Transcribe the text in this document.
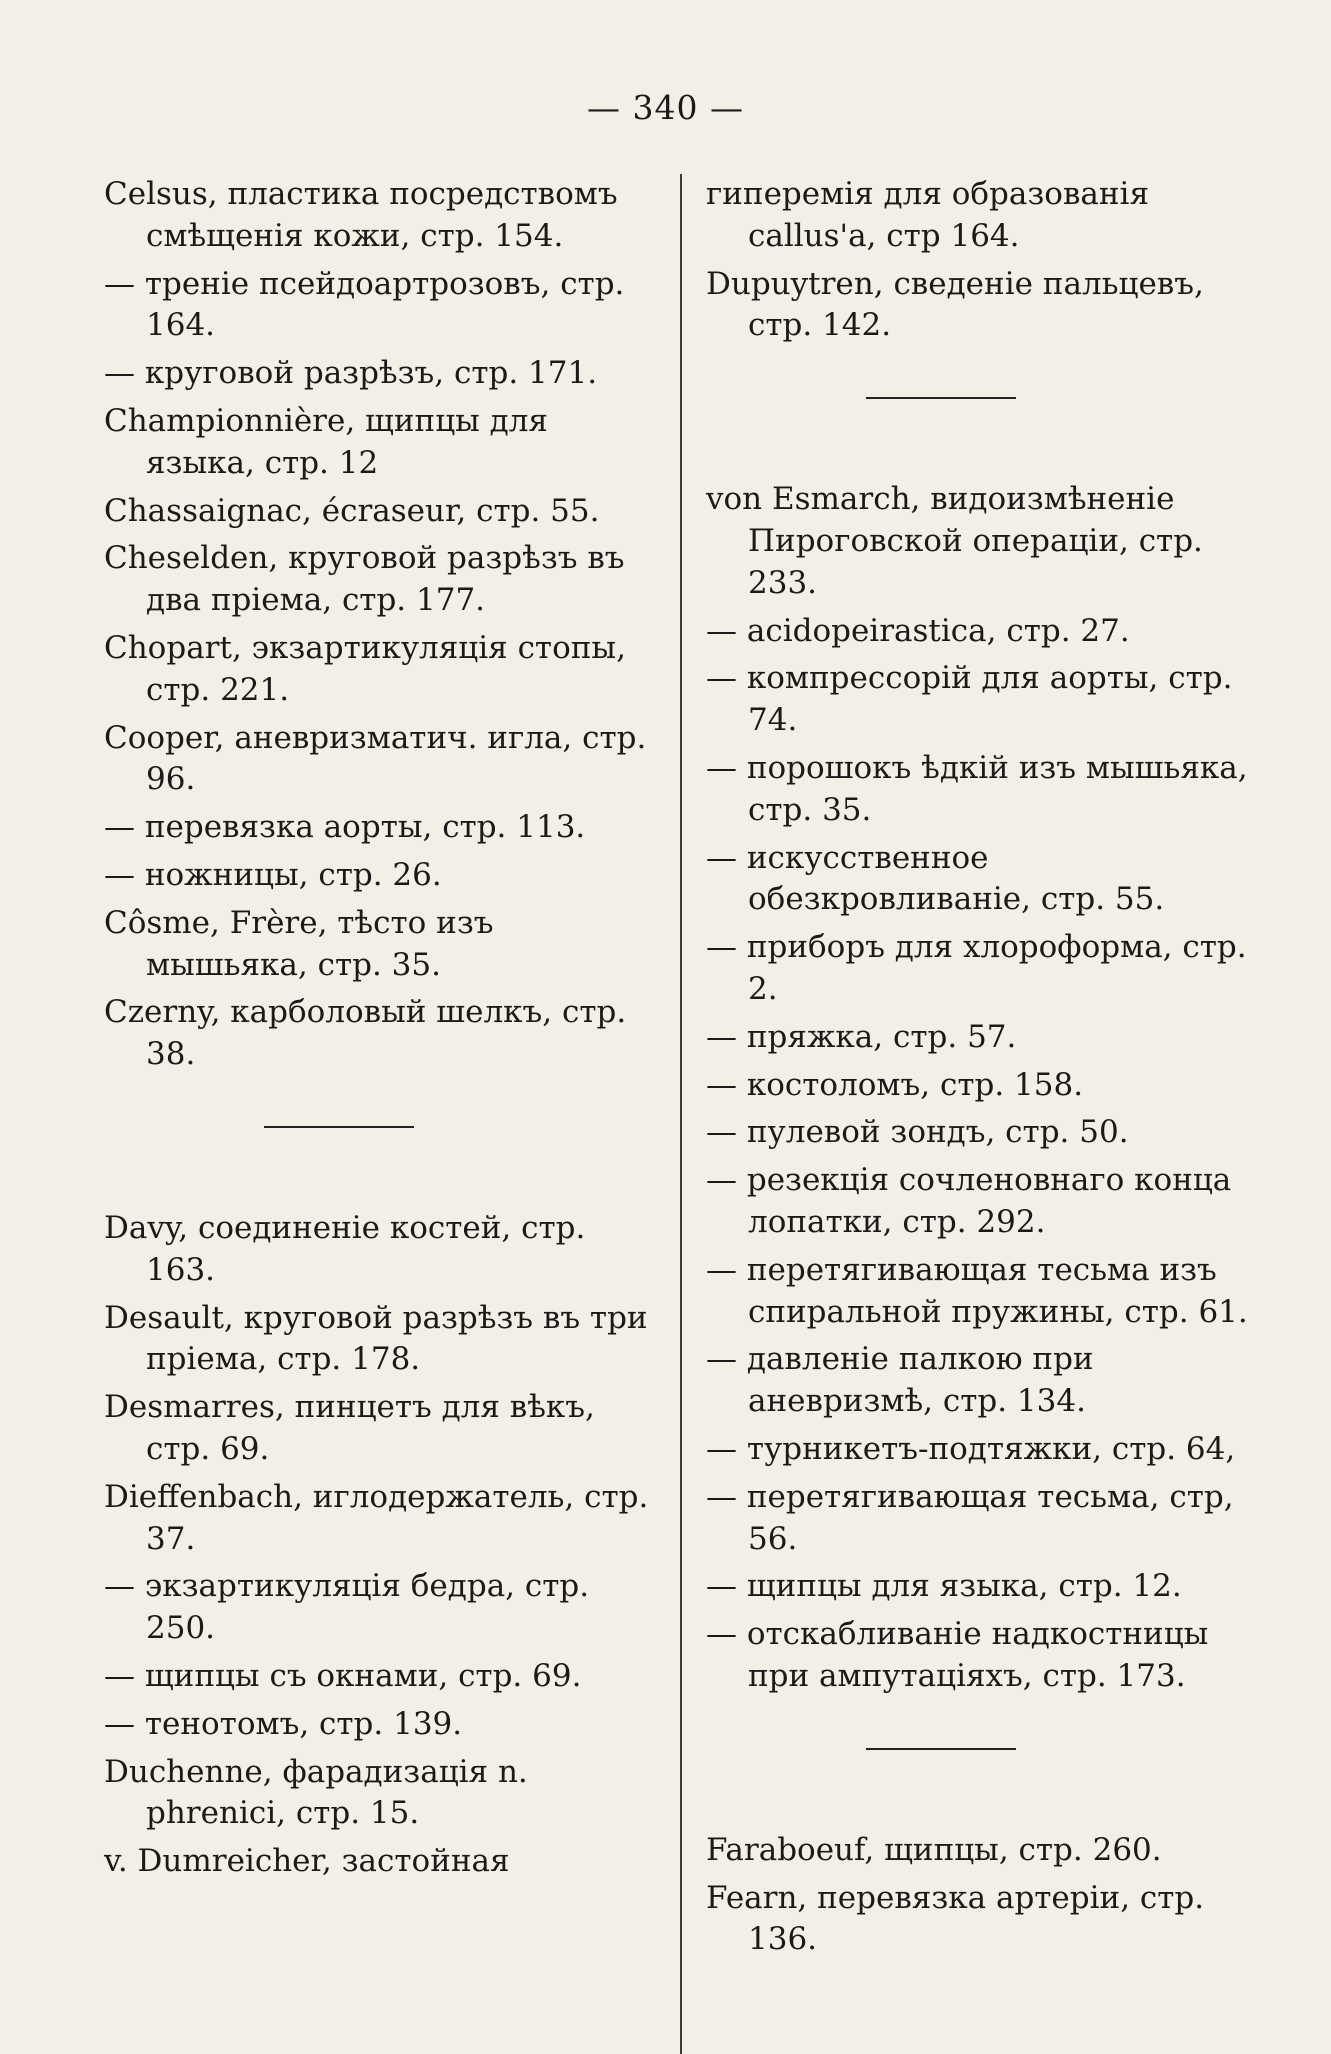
— 340 —

Celsus, пластика посредствомъ смѣщенія кожи, стр. 154.

— треніе псейдоартрозовъ, стр. 164.

— круговой разрѣзъ, стр. 171.

Championnière, щипцы для языка, стр. 12

Chassaignac, écraseur, стр. 55.

Cheselden, круговой разрѣзъ въ два пріема, стр. 177.

Chopart, экзартикуляція стопы, стр. 221.

Cooper, аневризматич. игла, стр. 96.

— перевязка аорты, стр. 113.

— ножницы, стр. 26.

Côsme, Frère, тѣсто изъ мышьяка, стр. 35.

Czerny, карболовый шелкъ, стр. 38.

Davy, соединеніе костей, стр. 163.

Desault, круговой разрѣзъ въ три пріема, стр. 178.

Desmarres, пинцетъ для вѣкъ, стр. 69.

Dieffenbach, иглодержатель, стр. 37.

— экзартикуляція бедра, стр. 250.

— щипцы съ окнами, стр. 69.

— тенотомъ, стр. 139.

Duchenne, фарадизація n. phrenici, стр. 15.

v. Dumreicher, застойная

гиперемія для образованія callus'а, стр 164.

Dupuytren, сведеніе пальцевъ, стр. 142.

von Esmarch, видоизмѣненіе Пироговской операціи, стр. 233.

— acidopeirastica, стр. 27.

— компрессорій для аорты, стр. 74.

— порошокъ ѣдкій изъ мышьяка, стр. 35.

— искусственное обезкровливаніе, стр. 55.

— приборъ для хлороформа, стр. 2.

— пряжка, стр. 57.

— костоломъ, стр. 158.

— пулевой зондъ, стр. 50.

— резекція сочленовнаго конца лопатки, стр. 292.

— перетягивающая тесьма изъ спиральной пружины, стр. 61.

— давленіе палкою при аневризмѣ, стр. 134.

— турникетъ-подтяжки, стр. 64,

— перетягивающая тесьма, стр, 56.

— щипцы для языка, стр. 12.

— отскабливаніе надкостницы при ампутаціяхъ, стр. 173.

Faraboeuf, щипцы, стр. 260.

Fearn, перевязка артеріи, стр. 136.
